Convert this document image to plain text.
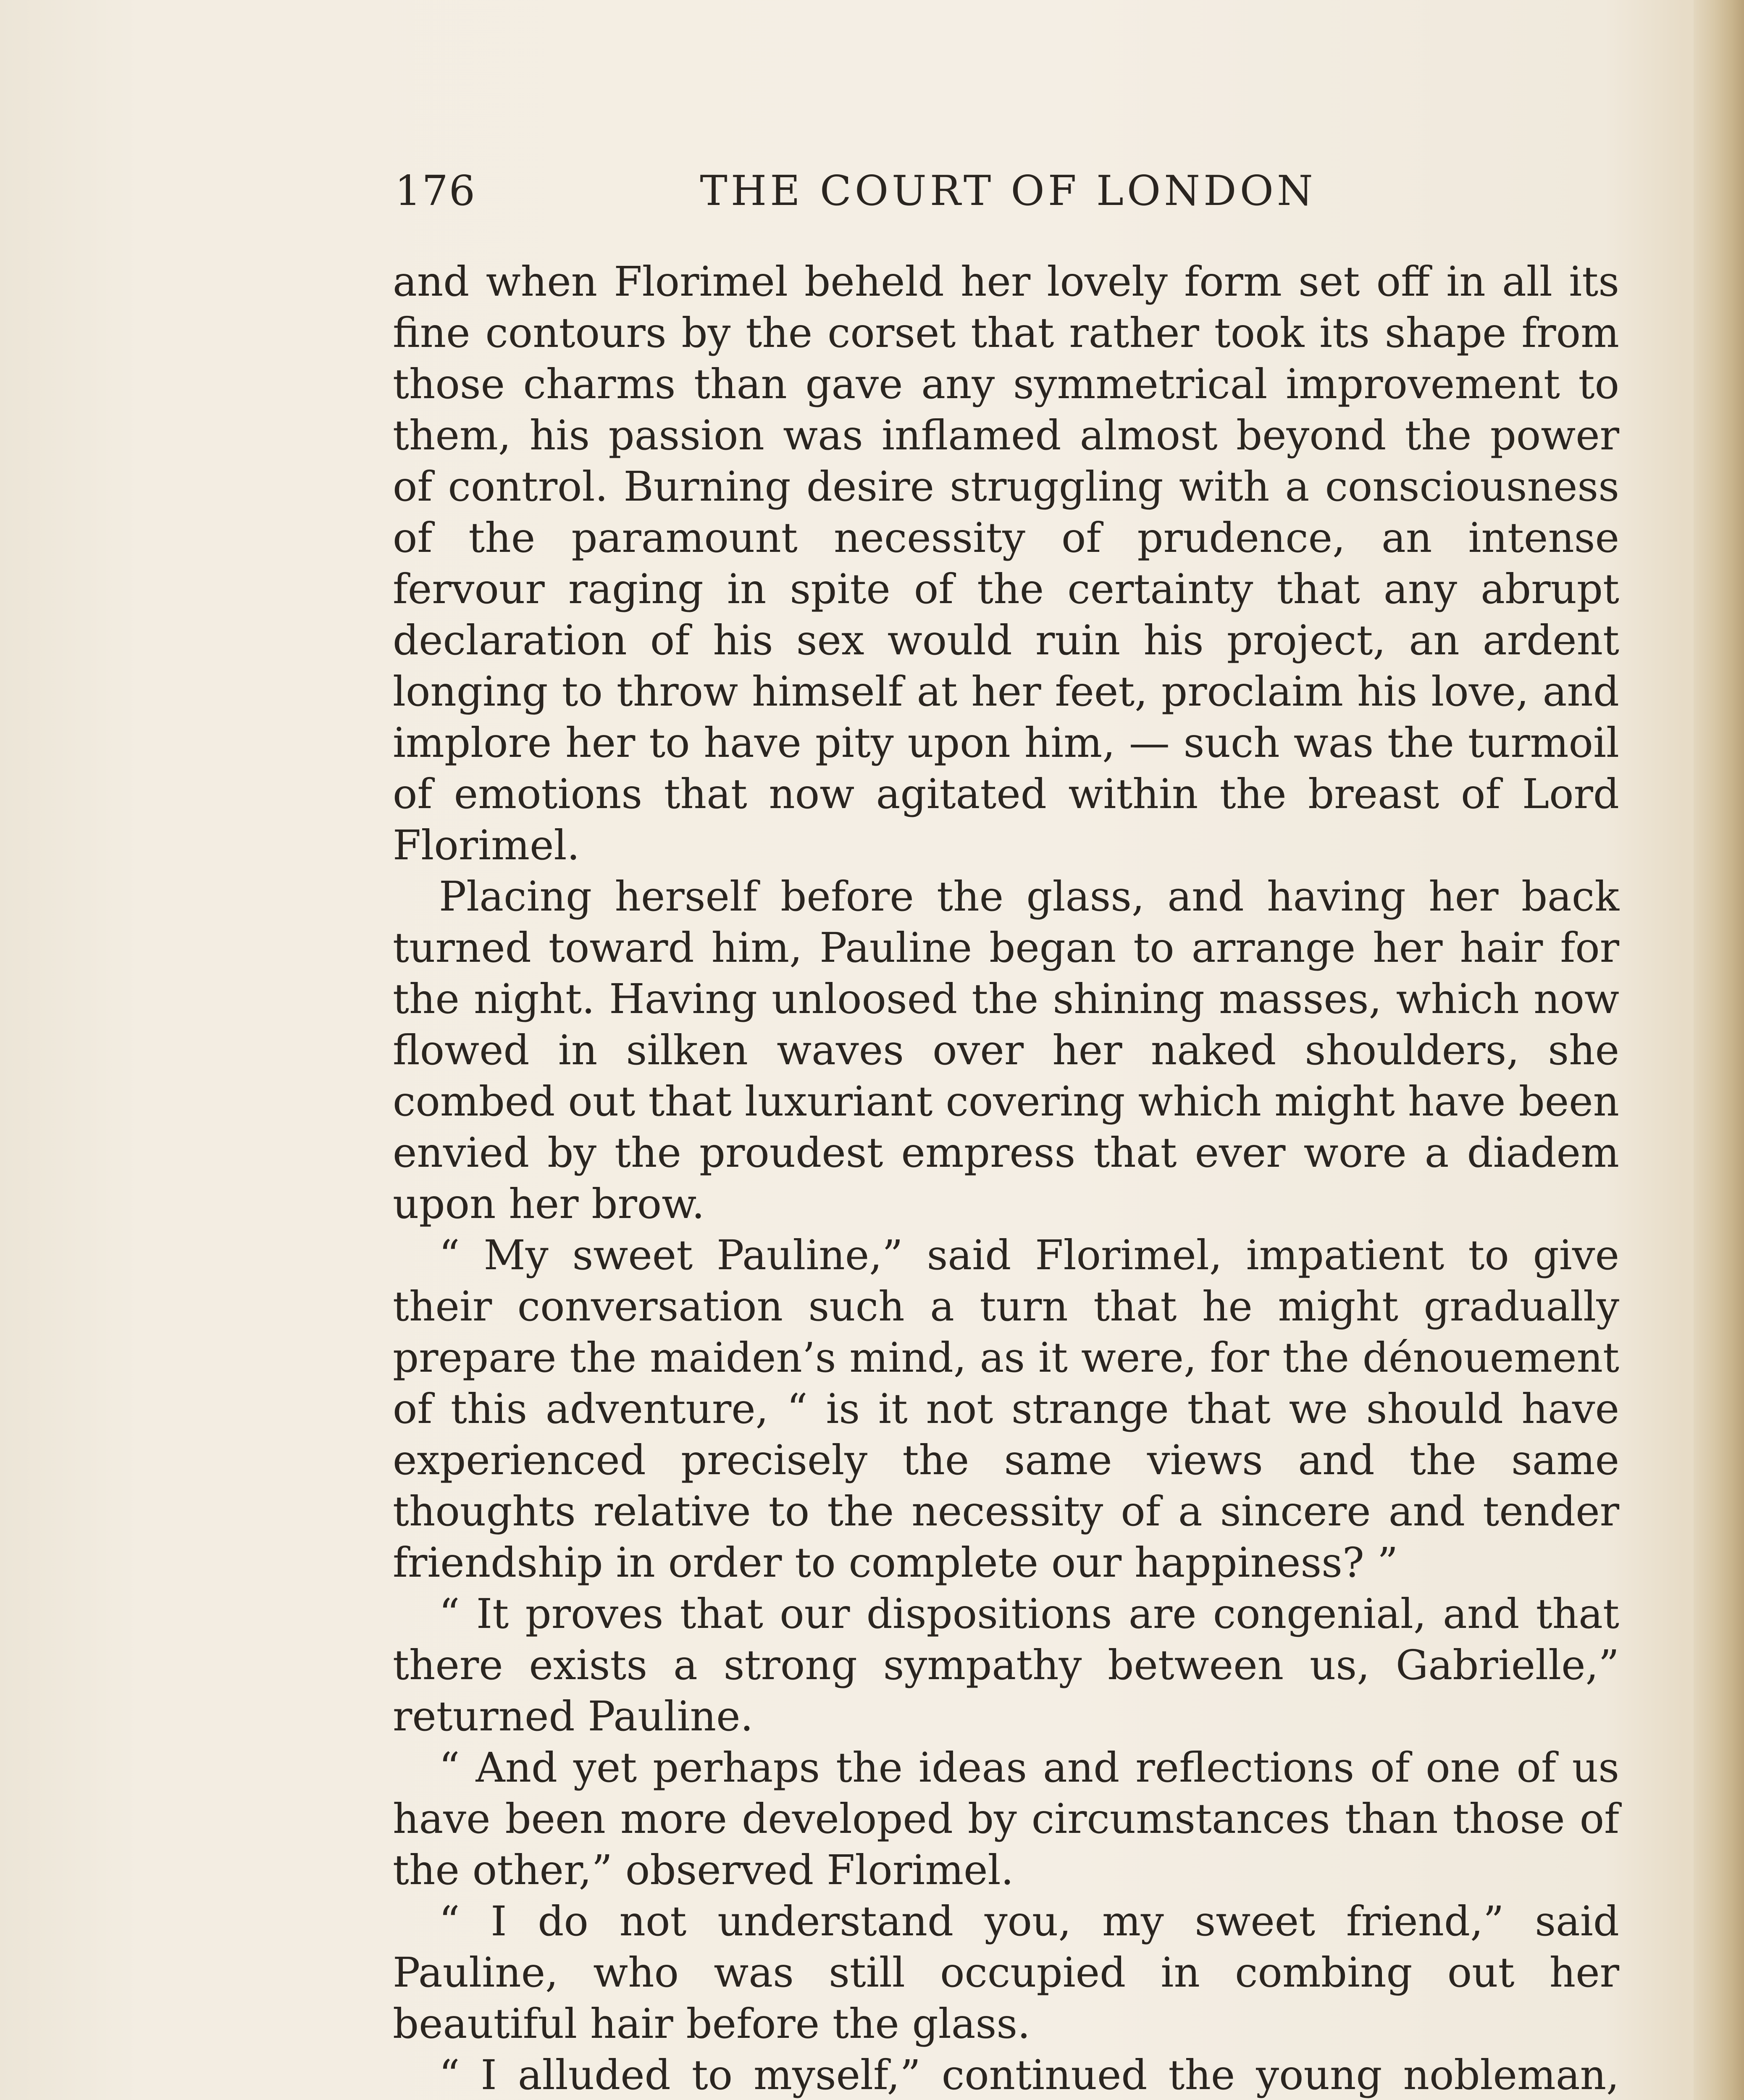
176	THE COURT OF LONDON

and when Florimel beheld her lovely form set off in all its fine contours by the corset that rather took its shape from those charms than gave any symmetrical improvement to them, his passion was inflamed almost beyond the power of control. Burning desire struggling with a consciousness of the paramount necessity of prudence, an intense fervour raging in spite of the certainty that any abrupt declaration of his sex would ruin his project, an ardent longing to throw himself at her feet, proclaim his love, and implore her to have pity upon him, — such was the turmoil of emotions that now agitated within the breast of Lord Florimel.

Placing herself before the glass, and having her back turned toward him, Pauline began to arrange her hair for the night. Having unloosed the shining masses, which now flowed in silken waves over her naked shoulders, she combed out that luxuriant covering which might have been envied by the proudest empress that ever wore a diadem upon her brow.

“ My sweet Pauline,” said Florimel, impatient to give their conversation such a turn that he might gradually prepare the maiden’s mind, as it were, for the dénouement of this adventure, “ is it not strange that we should have experienced precisely the same views and the same thoughts relative to the necessity of a sincere and tender friendship in order to complete our happiness? ”

“ It proves that our dispositions are congenial, and that there exists a strong sympathy between us, Gabrielle,” returned Pauline.

“ And yet perhaps the ideas and reflections of one of us have been more developed by circumstances than those of the other,” observed Florimel.

“ I do not understand you, my sweet friend,” said Pauline, who was still occupied in combing out her beautiful hair before the glass.

“ I alluded to myself,” continued the young nobleman,
